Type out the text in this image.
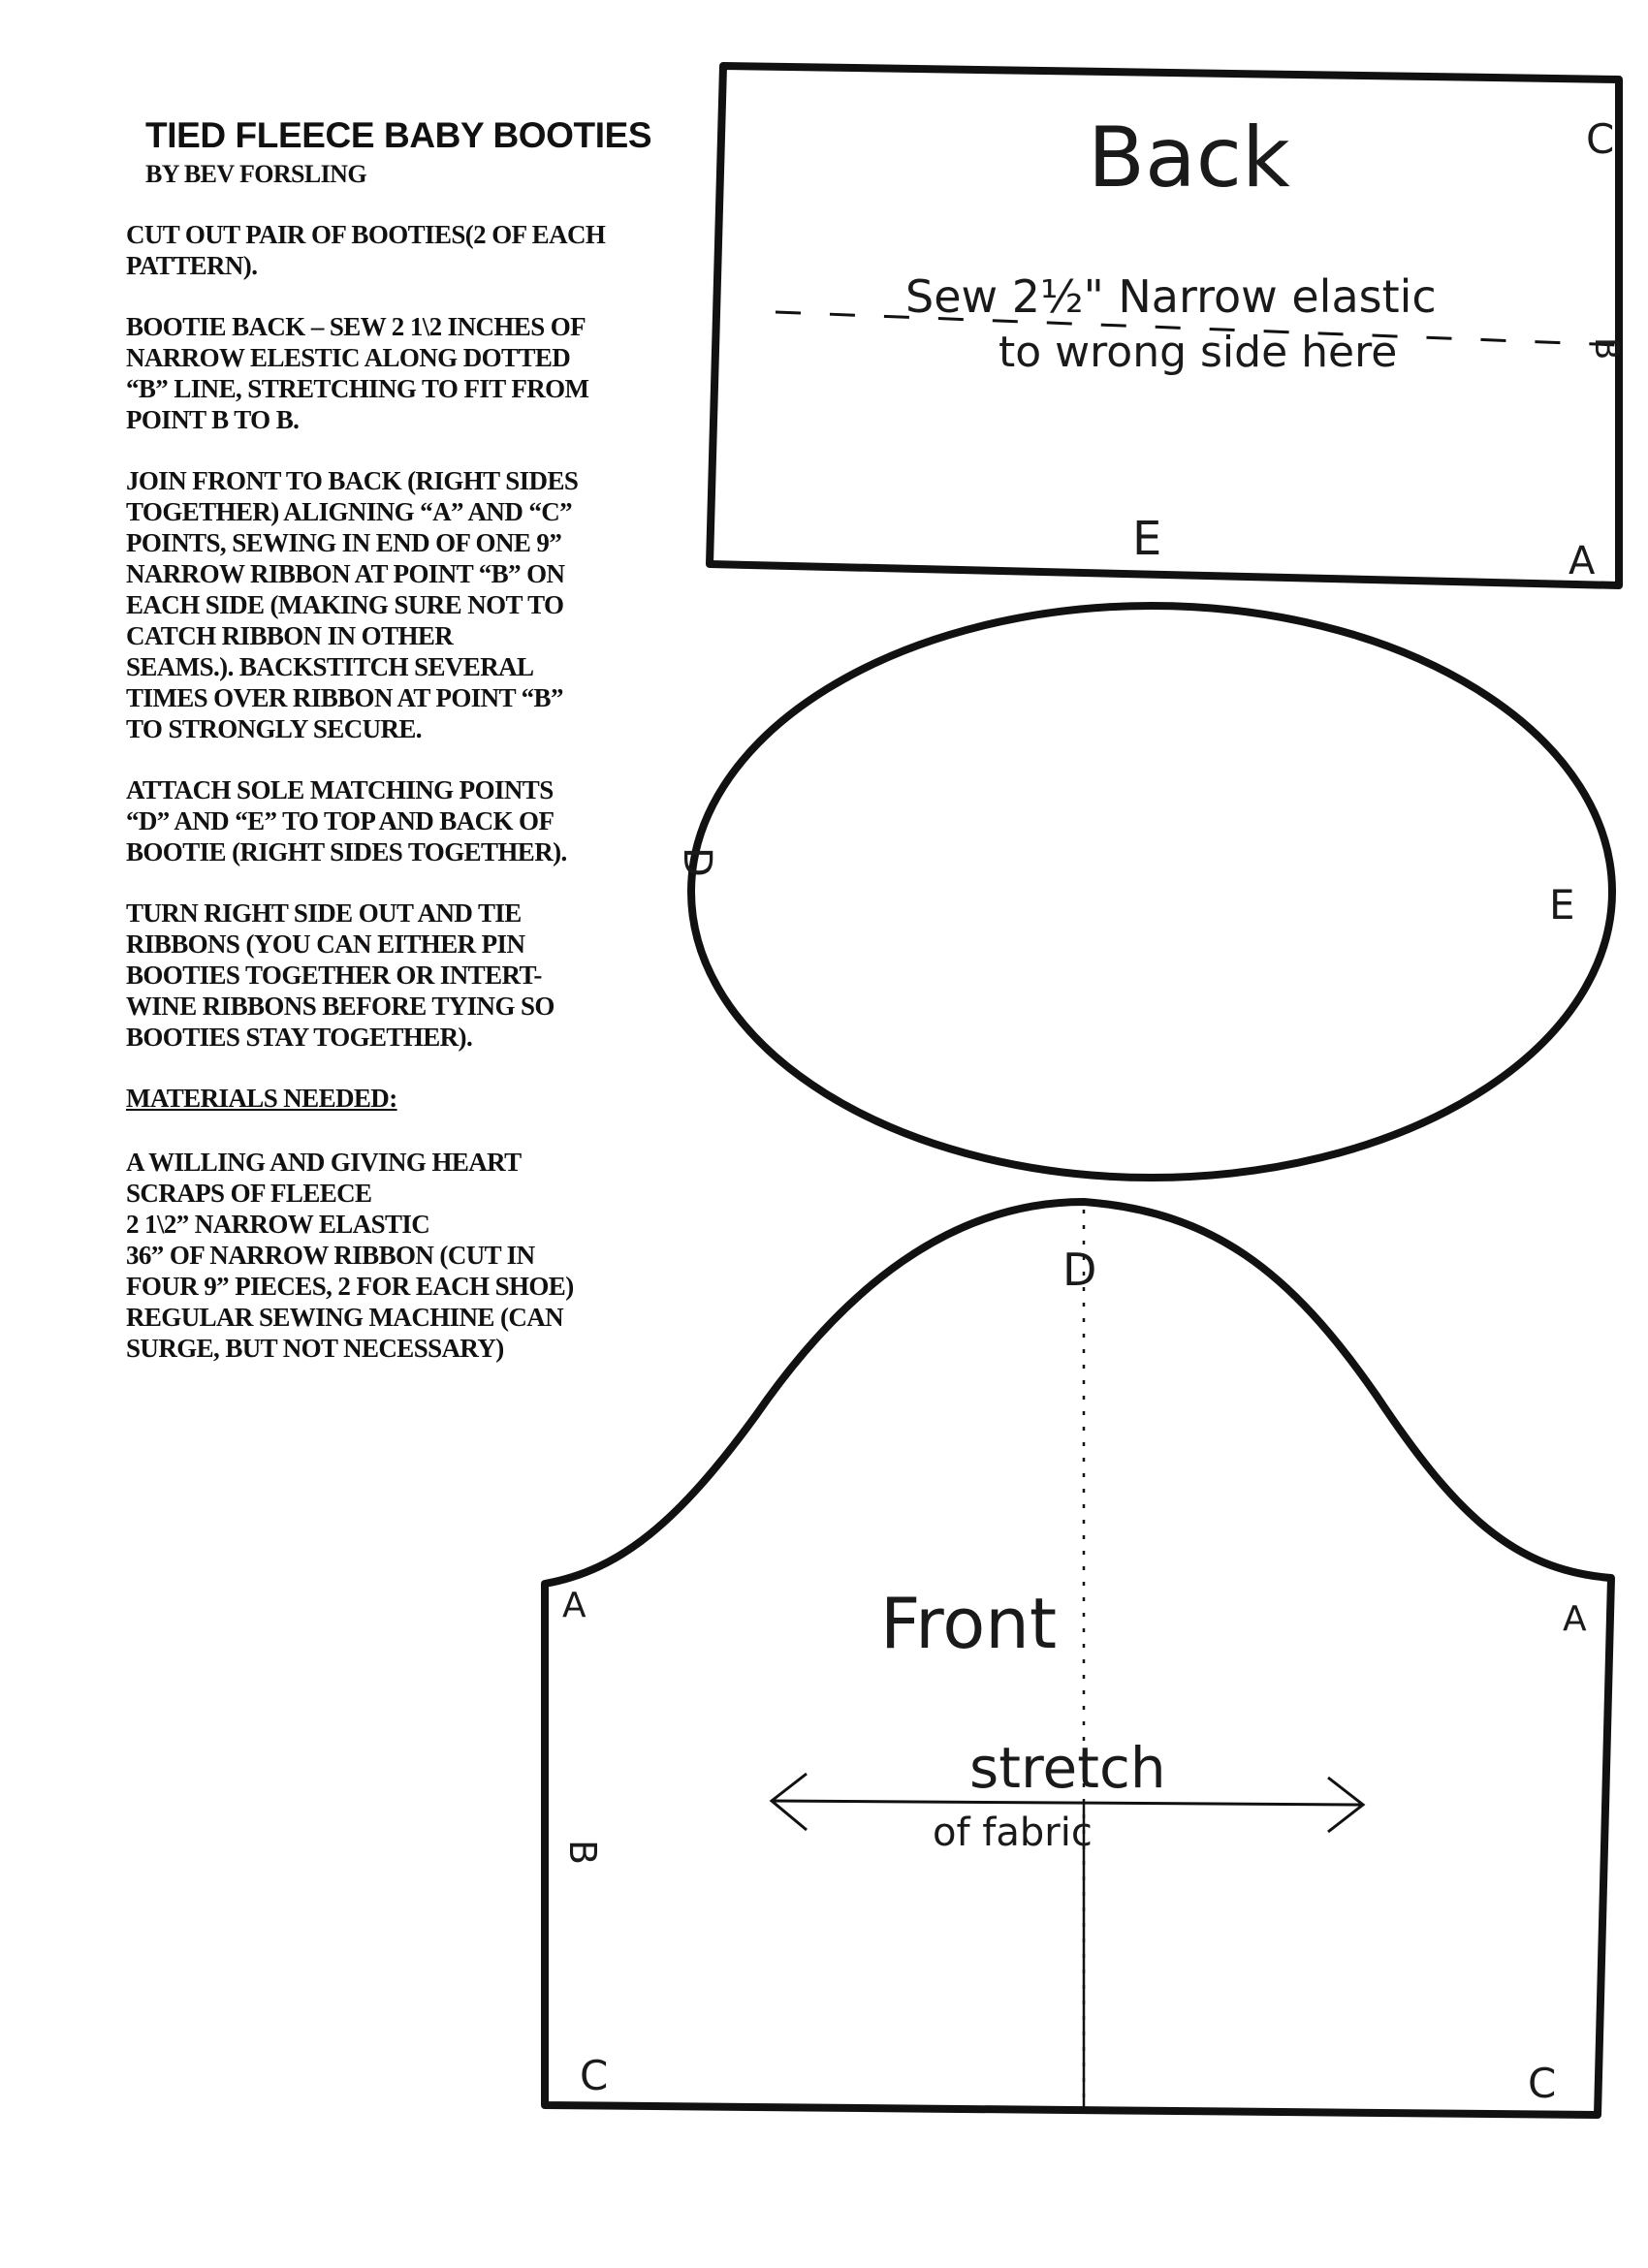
TIED FLEECE BABY BOOTIES
BY BEV FORSLING
CUT OUT PAIR OF BOOTIES(2 OF EACH
PATTERN).
BOOTIE BACK – SEW 2 1\2 INCHES OF
NARROW ELESTIC ALONG DOTTED
“B” LINE, STRETCHING TO FIT FROM
POINT B TO B.
JOIN FRONT TO BACK (RIGHT SIDES
TOGETHER) ALIGNING “A” AND “C”
POINTS, SEWING IN END OF ONE 9”
NARROW RIBBON AT POINT “B” ON
EACH SIDE (MAKING SURE NOT TO
CATCH RIBBON IN OTHER
SEAMS.). BACKSTITCH SEVERAL
TIMES OVER RIBBON AT POINT “B”
TO STRONGLY SECURE.
ATTACH SOLE MATCHING POINTS
“D” AND “E” TO TOP AND BACK OF
BOOTIE (RIGHT SIDES TOGETHER).
TURN RIGHT SIDE OUT AND TIE
RIBBONS (YOU CAN EITHER PIN
BOOTIES TOGETHER OR INTERT-
WINE RIBBONS BEFORE TYING SO
BOOTIES STAY TOGETHER).
MATERIALS NEEDED:
A WILLING AND GIVING HEART
SCRAPS OF FLEECE
2 1\2” NARROW ELASTIC
36” OF NARROW RIBBON (CUT IN
FOUR 9” PIECES, 2 FOR EACH SHOE)
REGULAR SEWING MACHINE (CAN
SURGE, BUT NOT NECESSARY)
Back	C
Sew 2½" Narrow elastic
to wrong side here	B
E	A
D
E
D
Front
A	A
B
C	C
stretch
of fabric
